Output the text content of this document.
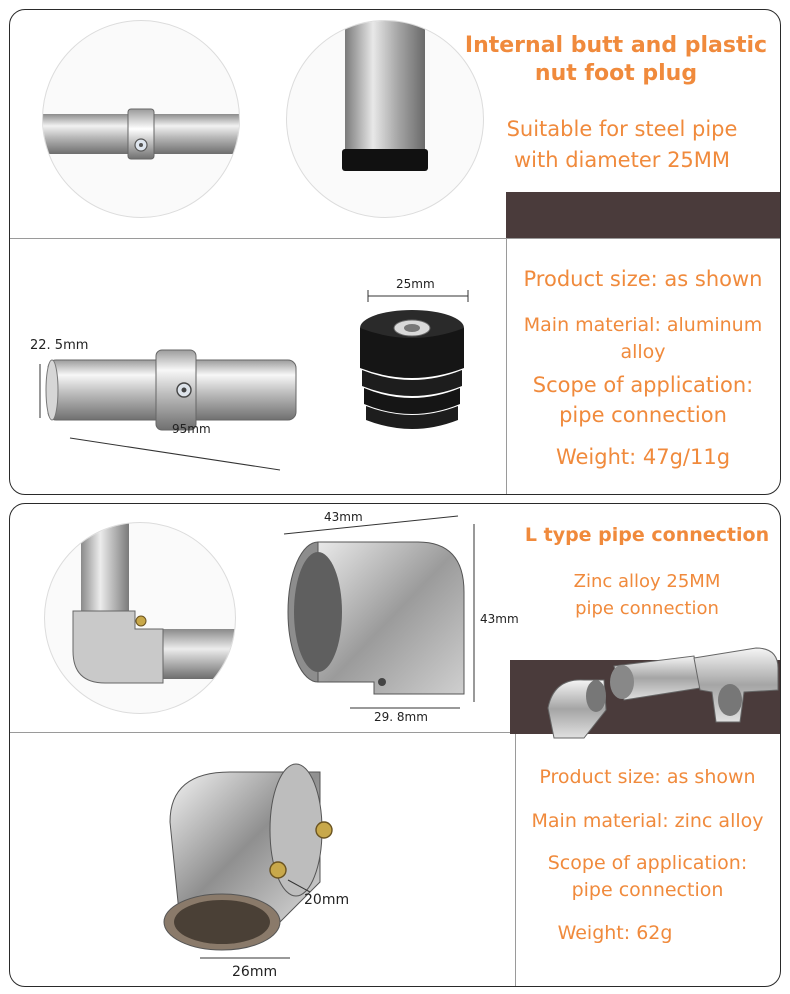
Internal butt and plastic nut foot plug
Suitable for steel pipe
with diameter 25MM
22. 5mm
95mm
25mm	Product size: as shown
Main material: aluminum
alloy
Scope of application:
pipe connection
Weight: 47g/11g
43mm
43mm
29. 8mm
L type pipe connection
Zinc alloy 25MM
pipe connection
20mm
26mm
Product size: as shown
Main material: zinc alloy
Scope of application:
pipe connection
Weight: 62g
